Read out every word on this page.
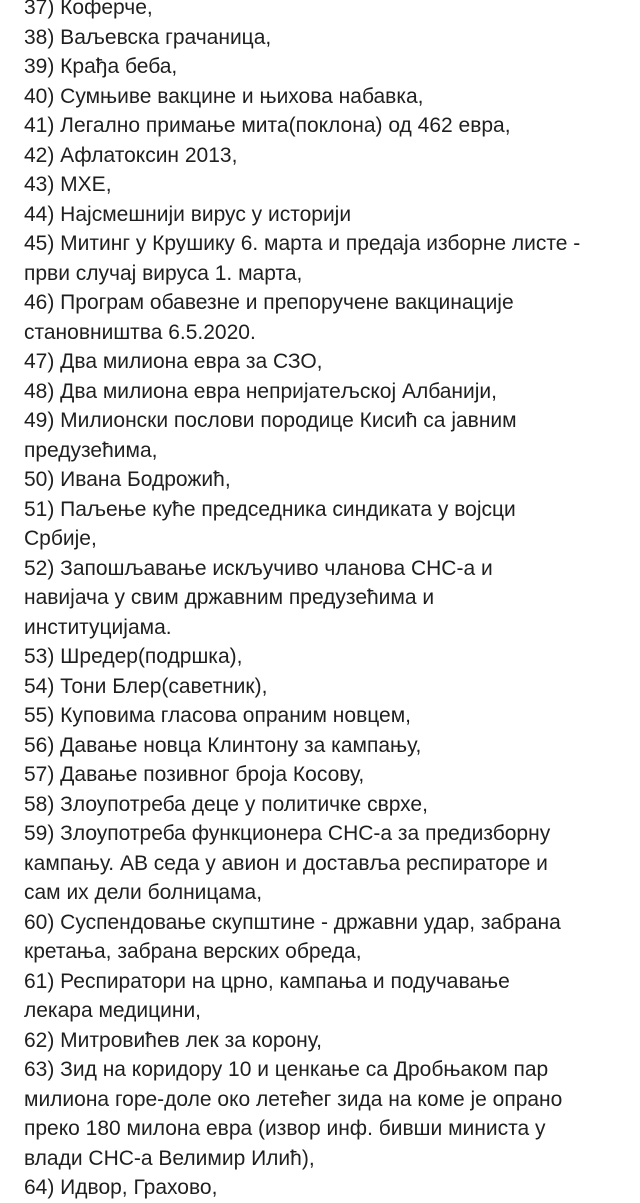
37) Коферче,
38) Ваљевска грачаница,
39) Крађа беба,
40) Сумњиве вакцине и њихова набавка,
41) Легално примање мита(поклона) од 462 евра,
42) Афлатоксин 2013,
43) МХЕ,
44) Најсмешнији вирус у историји
45) Митинг у Крушику 6. марта и предаја изборне листе -
први случај вируса 1. марта,
46) Програм обавезне и препоручене вакцинације
становништва 6.5.2020.
47) Два милиона евра за СЗО,
48) Два милиона евра непријатељској Албанији,
49) Милионски послови породице Кисић са јавним
предузећима,
50) Ивана Бодрожић,
51) Паљење куће председника синдиката у војсци
Србије,
52) Запошљавање искључиво чланова СНС-а и
навијача у свим државним предузећима и
институцијама.
53) Шредер(подршка),
54) Тони Блер(саветник),
55) Куповима гласова опраним новцем,
56) Давање новца Клинтону за кампању,
57) Давање позивног броја Косову,
58) Злоупотреба деце у политичке сврхе,
59) Злоупотреба функционера СНС-а за предизборну
кампању. АВ седа у авион и доставља респираторе и
сам их дели болницама,
60) Суспендовање скупштине - државни удар, забрана
кретања, забрана верских обреда,
61) Респиратори на црно, кампања и подучавање
лекара медицини,
62) Митровићев лек за корону,
63) Зид на коридору 10 и ценкање са Дробњаком пар
милиона горе-доле око летећег зида на коме је опрано
преко 180 милона евра (извор инф. бивши министа у
влади СНС-а Велимир Илић),
64) Идвор, Грахово,
